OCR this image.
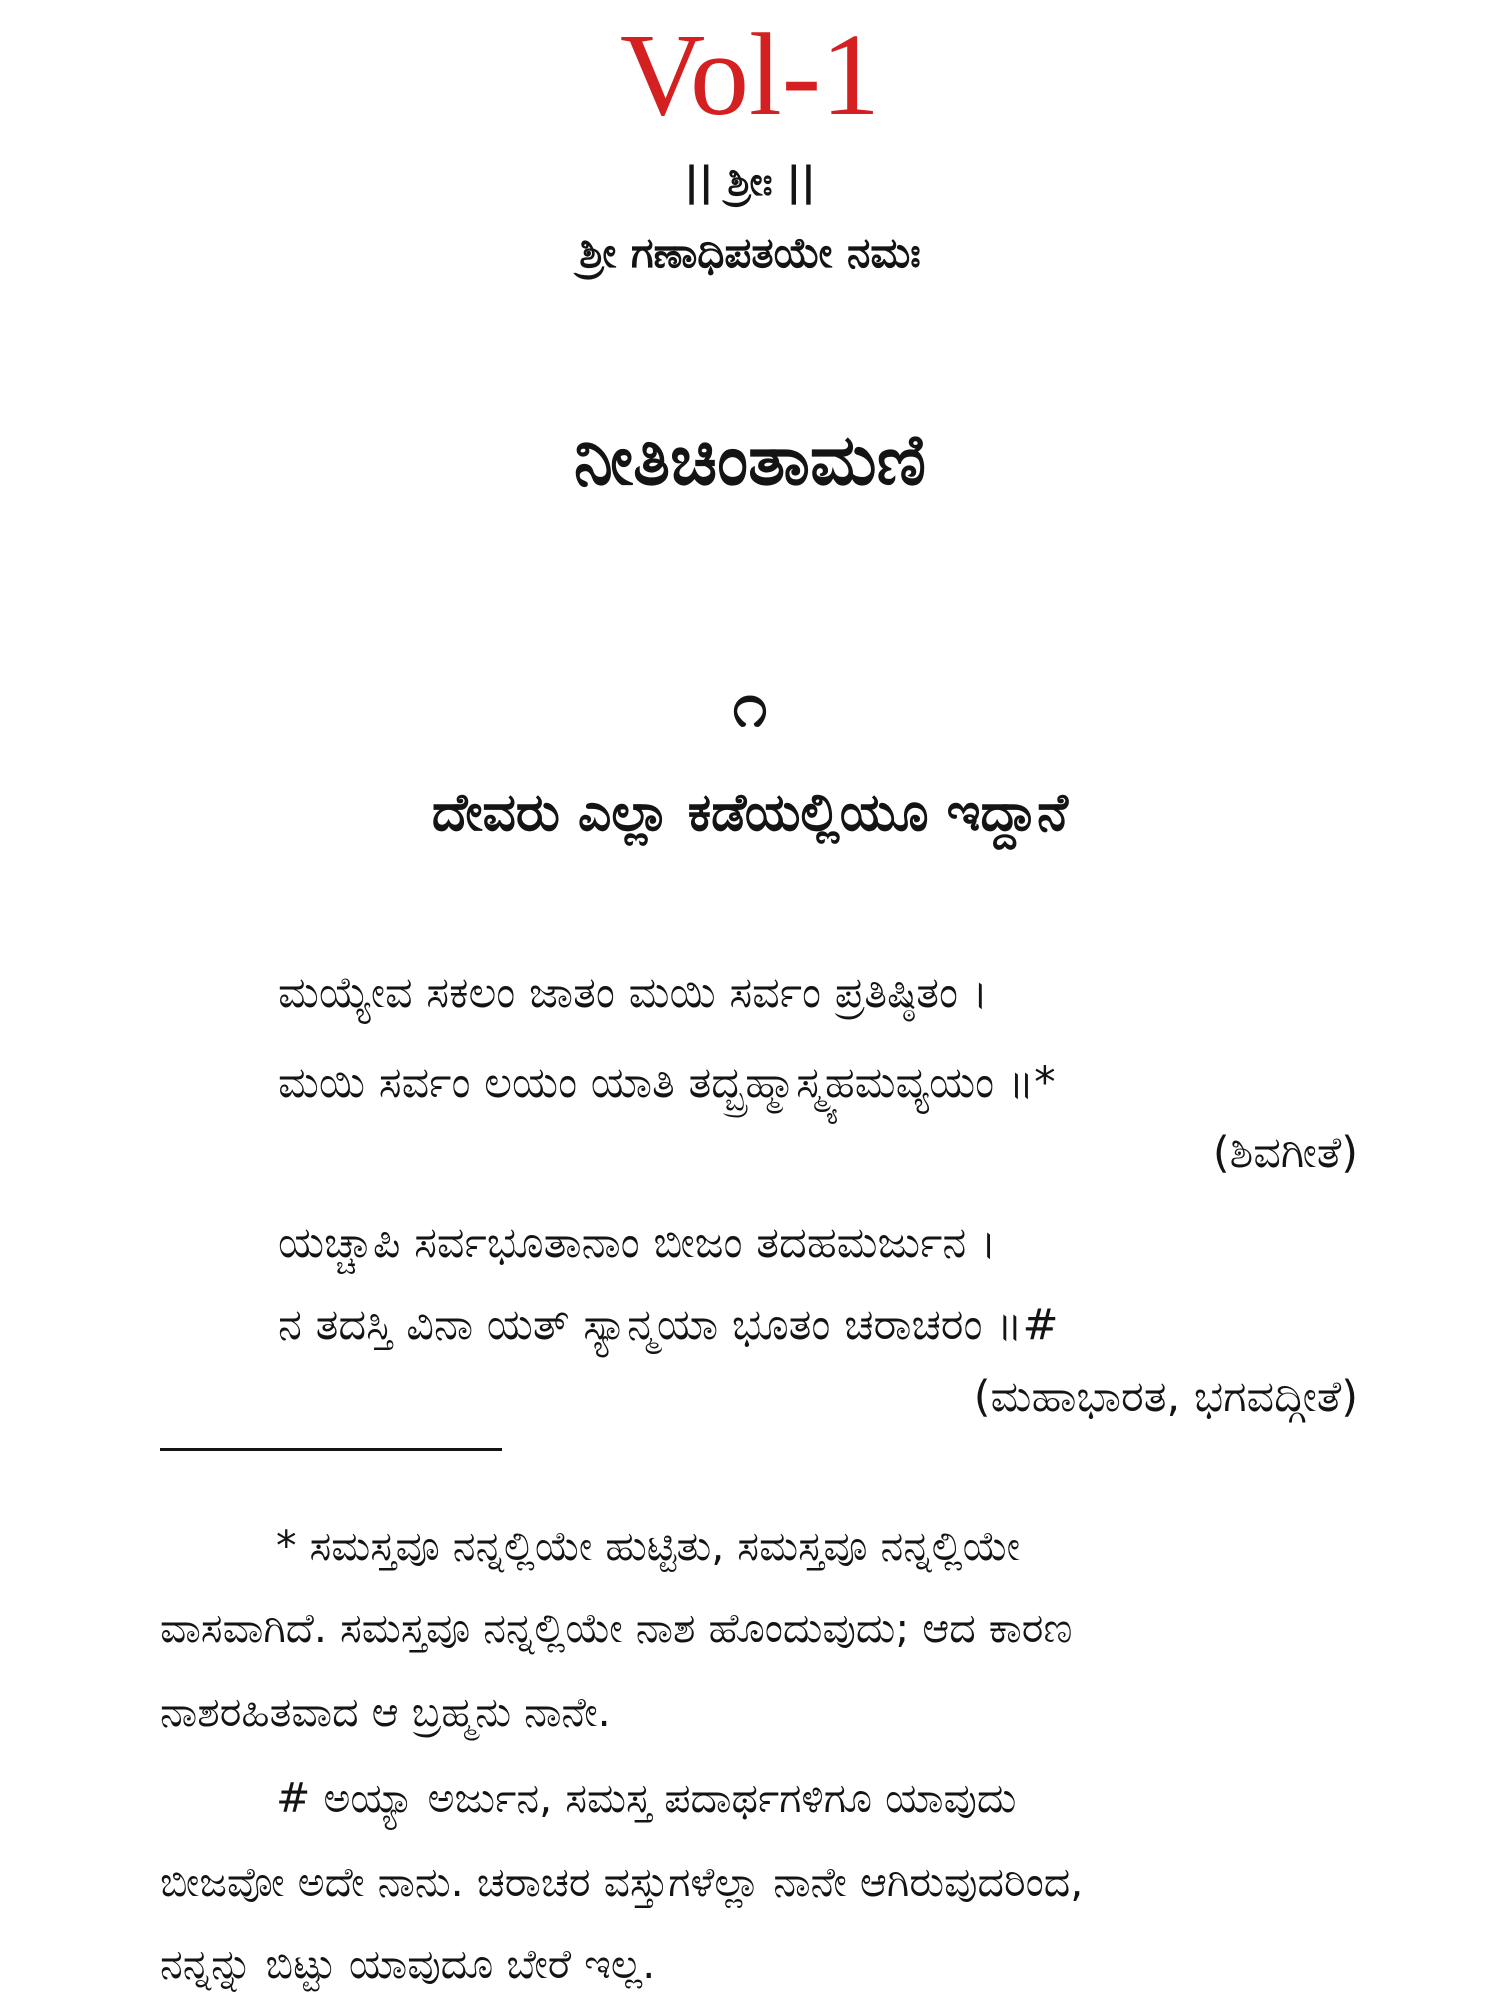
Vol-1
|| ಶ್ರೀಃ ||
ಶ್ರೀ ಗಣಾಧಿಪತಯೇ ನಮಃ
ನೀತಿಚಿಂತಾಮಣಿ
೧
ದೇವರು ಎಲ್ಲಾ ಕಡೆಯಲ್ಲಿಯೂ ಇದ್ದಾನೆ
ಮಯ್ಯೇವ ಸಕಲಂ ಜಾತಂ ಮಯಿ ಸರ್ವಂ ಪ್ರತಿಷ್ಠಿತಂ ।
ಮಯಿ ಸರ್ವಂ ಲಯಂ ಯಾತಿ ತದ್ಬ್ರಹ್ಮಾಸ್ಮ್ಯಹಮವ್ಯಯಂ ॥*
(ಶಿವಗೀತೆ)
ಯಚ್ಚಾಪಿ ಸರ್ವಭೂತಾನಾಂ ಬೀಜಂ ತದಹಮರ್ಜುನ ।
ನ ತದಸ್ತಿ ವಿನಾ ಯತ್ ಸ್ಯಾನ್ಮಯಾ ಭೂತಂ ಚರಾಚರಂ ॥#
(ಮಹಾಭಾರತ, ಭಗವದ್ಗೀತೆ)
* ಸಮಸ್ತವೂ ನನ್ನಲ್ಲಿಯೇ ಹುಟ್ಟಿತು, ಸಮಸ್ತವೂ ನನ್ನಲ್ಲಿಯೇ
ವಾಸವಾಗಿದೆ. ಸಮಸ್ತವೂ ನನ್ನಲ್ಲಿಯೇ ನಾಶ ಹೊಂದುವುದು; ಆದ ಕಾರಣ
ನಾಶರಹಿತವಾದ ಆ ಬ್ರಹ್ಮನು ನಾನೇ.
# ಅಯ್ಯಾ ಅರ್ಜುನ, ಸಮಸ್ತ ಪದಾರ್ಥಗಳಿಗೂ ಯಾವುದು
ಬೀಜವೋ ಅದೇ ನಾನು. ಚರಾಚರ ವಸ್ತುಗಳೆಲ್ಲಾ ನಾನೇ ಆಗಿರುವುದರಿಂದ,
ನನ್ನನ್ನು ಬಿಟ್ಟು ಯಾವುದೂ ಬೇರೆ ಇಲ್ಲ.
